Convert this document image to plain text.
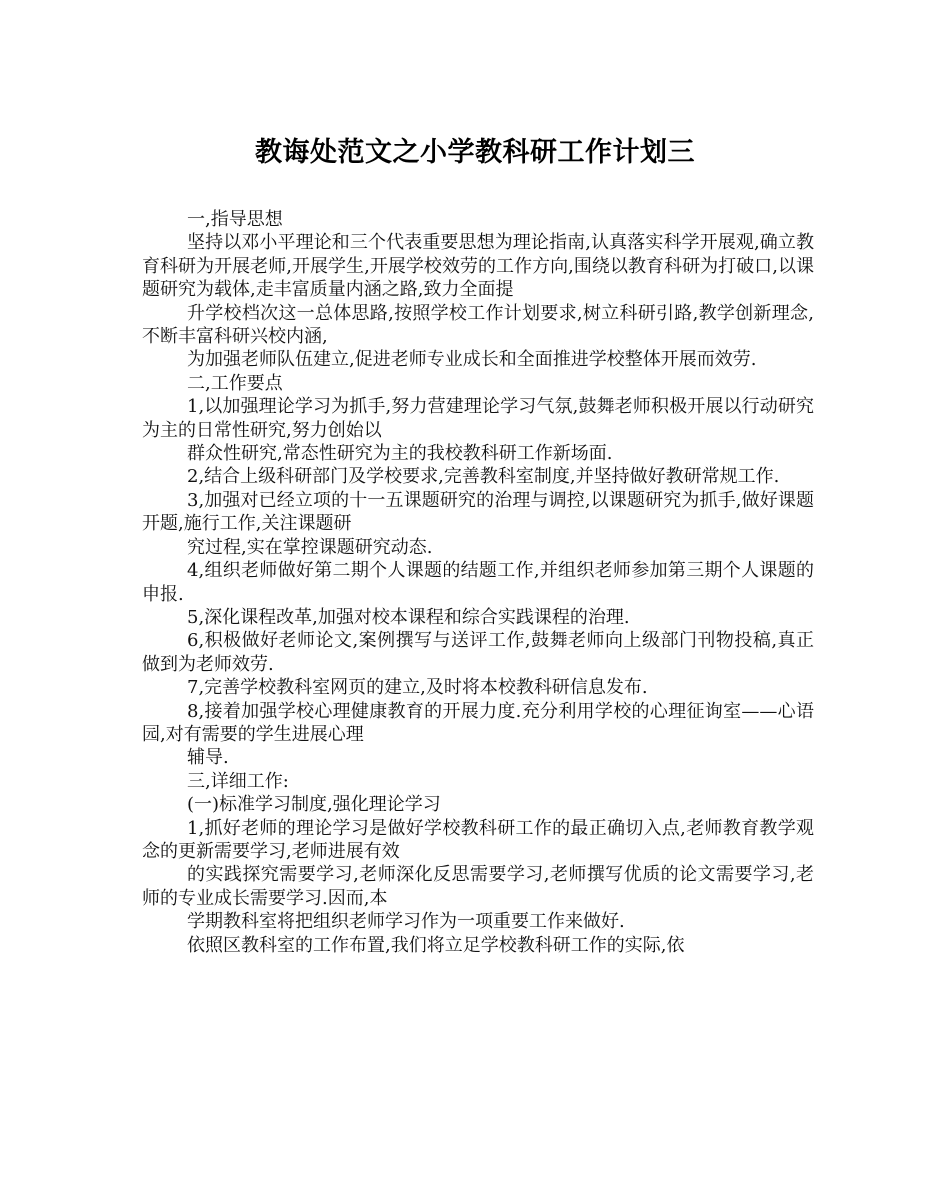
教诲处范文之小学教科研工作计划三

一,指导思想

坚持以邓小平理论和三个代表重要思想为理论指南,认真落实科学开展观,确立教育科研为开展老师,开展学生,开展学校效劳的工作方向,围绕以教育科研为打破口,以课题研究为载体,走丰富质量内涵之路,致力全面提

升学校档次这一总体思路,按照学校工作计划要求,树立科研引路,教学创新理念,不断丰富科研兴校内涵,

为加强老师队伍建立,促进老师专业成长和全面推进学校整体开展而效劳.

二,工作要点

1,以加强理论学习为抓手,努力营建理论学习气氛,鼓舞老师积极开展以行动研究为主的日常性研究,努力创始以

群众性研究,常态性研究为主的我校教科研工作新场面.

2,结合上级科研部门及学校要求,完善教科室制度,并坚持做好教研常规工作.

3,加强对已经立项的十一五课题研究的治理与调控,以课题研究为抓手,做好课题开题,施行工作,关注课题研

究过程,实在掌控课题研究动态.

4,组织老师做好第二期个人课题的结题工作,并组织老师参加第三期个人课题的申报.

5,深化课程改革,加强对校本课程和综合实践课程的治理.

6,积极做好老师论文,案例撰写与送评工作,鼓舞老师向上级部门刊物投稿,真正做到为老师效劳.

7,完善学校教科室网页的建立,及时将本校教科研信息发布.

8,接着加强学校心理健康教育的开展力度.充分利用学校的心理征询室——心语园,对有需要的学生进展心理

辅导.

三,详细工作:

(一)标准学习制度,强化理论学习

1,抓好老师的理论学习是做好学校教科研工作的最正确切入点,老师教育教学观念的更新需要学习,老师进展有效

的实践探究需要学习,老师深化反思需要学习,老师撰写优质的论文需要学习,老师的专业成长需要学习.因而,本

学期教科室将把组织老师学习作为一项重要工作来做好.

依照区教科室的工作布置,我们将立足学校教科研工作的实际,依
